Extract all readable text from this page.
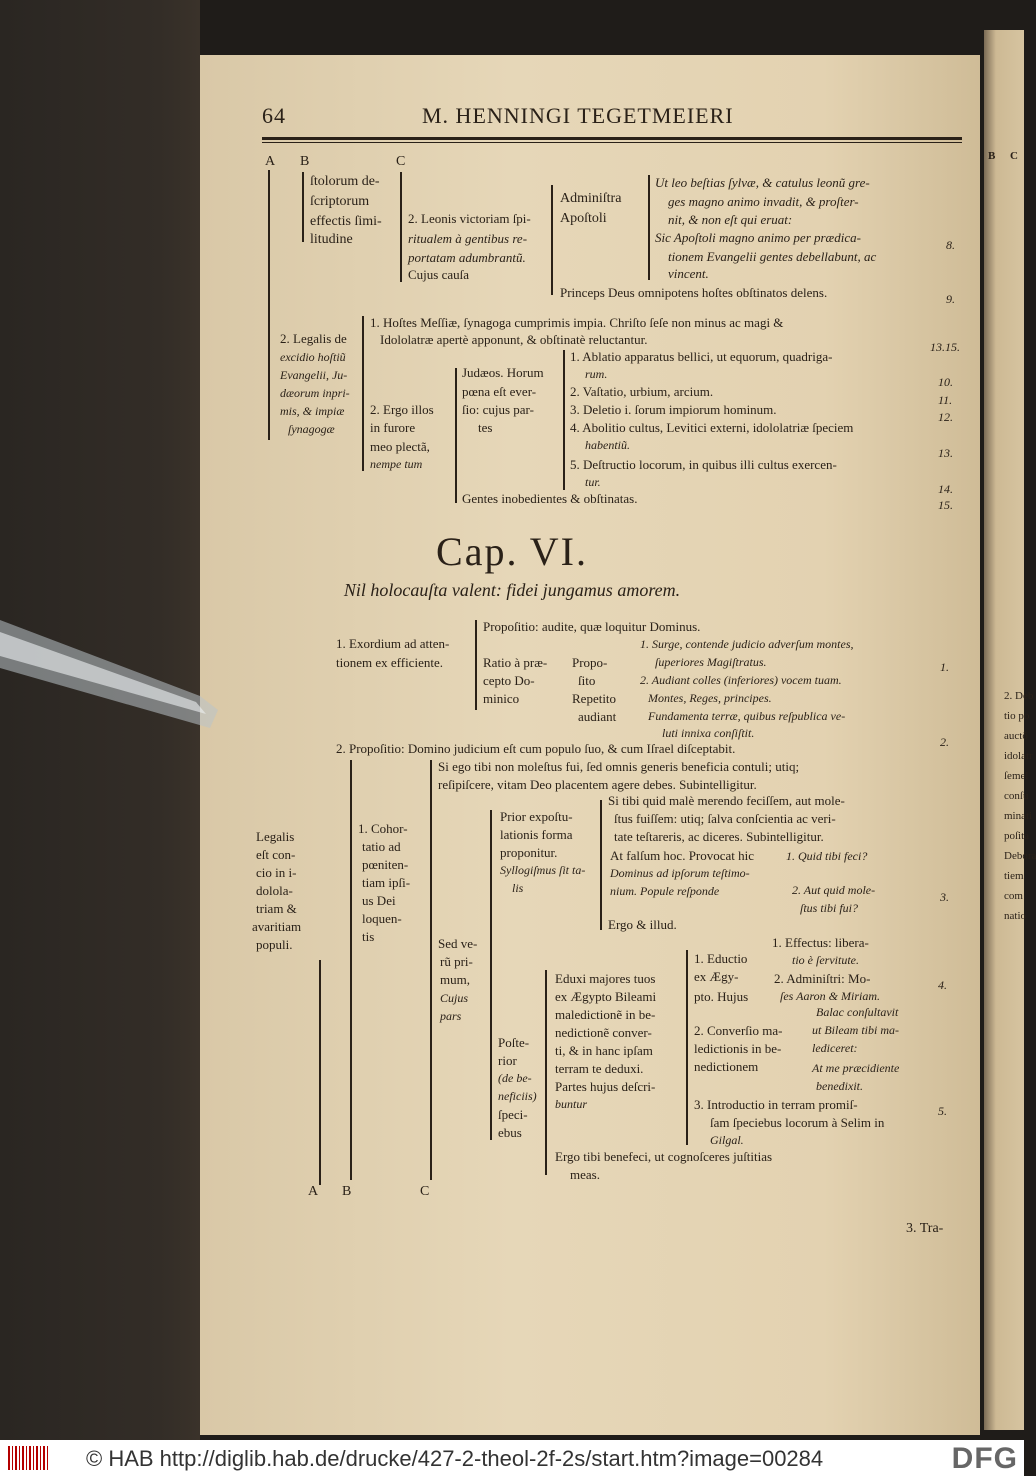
B C
2. Deb
tio po
auctõ
idolatr
ſemel
conſu
minati
poſita
Debora
tiem
com
natio
64	M. HENNINGI TEGETMEIERI
A B	C
ſtolorum de-
ſcriptorum
effectis ſimi-
litudine
2. Leonis victoriam ſpi-
ritualem à gentibus re-
portatam adumbrantũ.
Cujus cauſa
Adminiſtra
Apoſtoli
Ut leo beſtias ſylvæ, & catulus leonũ gre-
ges magno animo invadit, & proſter-
nit, & non eſt qui eruat:
Sic Apoſtoli magno animo per prædica-
tionem Evangelii gentes debellabunt, ac
vincent.
Princeps Deus omnipotens hoſtes obſtinatos delens.
2. Legalis de
excidio hoſtiũ
Evangelii, Ju-
dæorum inpri-
mis, & impiæ
ſynagogæ
1. Hoſtes Meſſiæ, ſynagoga cumprimis impia. Chriſto ſeſe non minus ac magi &
Idololatræ apertè apponunt, & obſtinatè reluctantur.
2. Ergo illos
in furore
meo plectã,
nempe tum
Judæos. Horum
pœna eſt ever-
ſio: cujus par-
tes
1. Ablatio apparatus bellici, ut equorum, quadriga-
rum.
2. Vaſtatio, urbium, arcium.
3. Deletio i. ſorum impiorum hominum.
4. Abolitio cultus, Levitici externi, idololatriæ ſpeciem
habentiũ.
5. Deſtructio locorum, in quibus illi cultus exercen-
tur.
Gentes inobedientes & obſtinatas.
8.
9.
13.15.
10.
11.
12.
13.
14.
15.
Cap. VI.
Nil holocauſta valent: fidei jungamus amorem.
Propoſitio: audite, quæ loquitur Dominus.
1. Exordium ad atten-
tionem ex efficiente.	Ratio à præ-
cepto Do-
minico
Propo-
ſito
1. Surge, contende judicio adverſum montes,
ſuperiores Magiſtratus.
2. Audiant colles (inferiores) vocem tuam.
Repetito
audiant
Montes, Reges, principes.
Fundamenta terræ, quibus reſpublica ve-
luti innixa conſiſtit.
2. Propoſitio: Domino judicium eſt cum populo ſuo, & cum Iſrael diſceptabit.
Si ego tibi non moleſtus fui, ſed omnis generis beneficia contuli; utiq;
reſipiſcere, vitam Deo placentem agere debes. Subintelligitur.
Legalis
eſt con-
cio in i-
dolola-
triam &
avaritiam
populi.
1. Cohor-
tatio ad
pœniten-
tiam ipſi-
us Dei
loquen-
tis	Sed ve-
rũ pri-
mum,
Cujus
pars
Prior expoſtu-
lationis forma
proponitur.
Syllogiſmus ſit ta-
lis
Si tibi quid malè merendo feciſſem, aut mole-
ſtus fuiſſem: utiq; ſalva conſcientia ac veri-
tate teſtareris, ac diceres. Subintelligitur.
At falſum hoc. Provocat hic
Dominus ad ipſorum teſtimo-
nium. Popule reſponde
1. Quid tibi feci?
2. Aut quid mole-
ſtus tibi fui?
Ergo & illud.
Poſte-
rior
(de be-
neficiis)
ſpeci-
ebus
Eduxi majores tuos
ex Ægypto Bileami
maledictionẽ in be-
nedictionẽ conver-
ti, & in hanc ipſam
terram te deduxi.
Partes hujus deſcri-
buntur
1. Eductio
ex Ægy-
pto. Hujus
1. Effectus: libera-
tio è ſervitute.
2. Adminiſtri: Mo-
ſes Aaron & Miriam.
2. Converſio ma-
ledictionis in be-
nedictionem
Balac conſultavit
ut Bileam tibi ma-
lediceret:
At me præcidiente
benedixit.
3. Introductio in terram promiſ-
ſam ſpeciebus locorum à Selim in
Gilgal.
Ergo tibi benefeci, ut cognoſceres juſtitias
meas.
1.
2.
3.
4.
5.
A B	C
3. Tra-
© HAB http://diglib.hab.de/drucke/427-2-theol-2f-2s/start.htm?image=00284	DFG
